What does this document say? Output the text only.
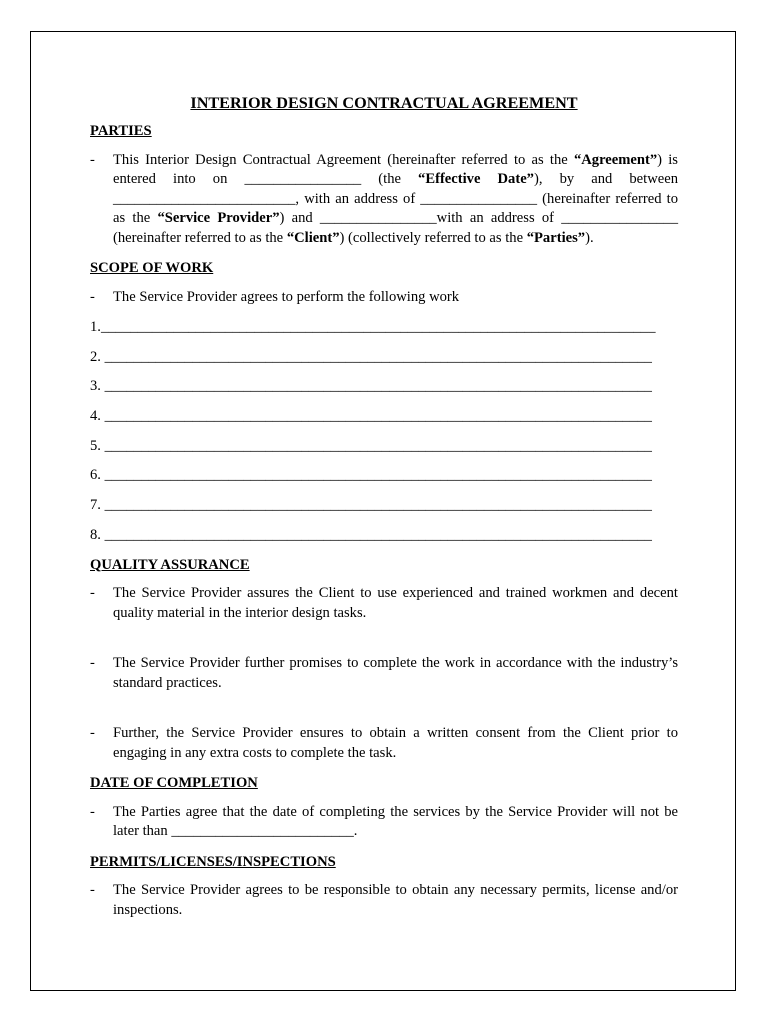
INTERIOR DESIGN CONTRACTUAL AGREEMENT
PARTIES
-	This Interior Design Contractual Agreement (hereinafter referred to as the “Agreement”) is entered into on ________________ (the “Effective Date”), by and between _________________________, with an address of ________________ (hereinafter referred to as the “Service Provider”) and ________________with an address of ________________ (hereinafter referred to as the “Client”) (collectively referred to as the “Parties”).
SCOPE OF WORK
-	The Service Provider agrees to perform the following work
1.____________________________________________________________________________
2. ___________________________________________________________________________
3. ___________________________________________________________________________
4. ___________________________________________________________________________
5. ___________________________________________________________________________
6. ___________________________________________________________________________
7. ___________________________________________________________________________
8. ___________________________________________________________________________
QUALITY ASSURANCE
-	The Service Provider assures the Client to use experienced and trained workmen and decent quality material in the interior design tasks.
-	The Service Provider further promises to complete the work in accordance with the industry’s standard practices.
-	Further, the Service Provider ensures to obtain a written consent from the Client prior to engaging in any extra costs to complete the task.
DATE OF COMPLETION
-	The Parties agree that the date of completing the services by the Service Provider will not be later than _________________________.
PERMITS/LICENSES/INSPECTIONS
-	The Service Provider agrees to be responsible to obtain any necessary permits, license and/or inspections.
